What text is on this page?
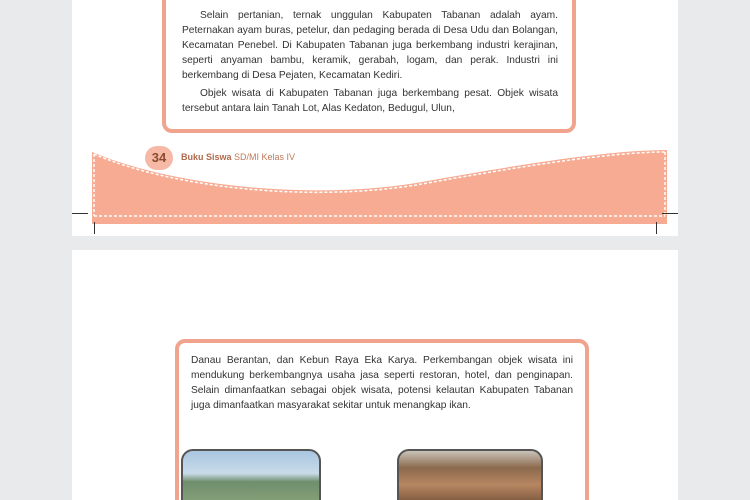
Selain pertanian, ternak unggulan Kabupaten Tabanan adalah ayam. Peternakan ayam buras, petelur, dan pedaging berada di Desa Udu dan Bolangan, Kecamatan Penebel. Di Kabupaten Tabanan juga berkembang industri kerajinan, seperti anyaman bambu, keramik, gerabah, logam, dan perak. Industri ini berkembang di Desa Pejaten, Kecamatan Kediri.

Objek wisata di Kabupaten Tabanan juga berkembang pesat. Objek wisata tersebut antara lain Tanah Lot, Alas Kedaton, Bedugul, Ulun,

34	Buku Siswa SD/MI Kelas IV

Danau Berantan, dan Kebun Raya Eka Karya. Perkembangan objek wisata ini mendukung berkembangnya usaha jasa seperti restoran, hotel, dan penginapan. Selain dimanfaatkan sebagai objek wisata, potensi kelautan Kabupaten Tabanan juga dimanfaatkan masyarakat sekitar untuk menangkap ikan.
